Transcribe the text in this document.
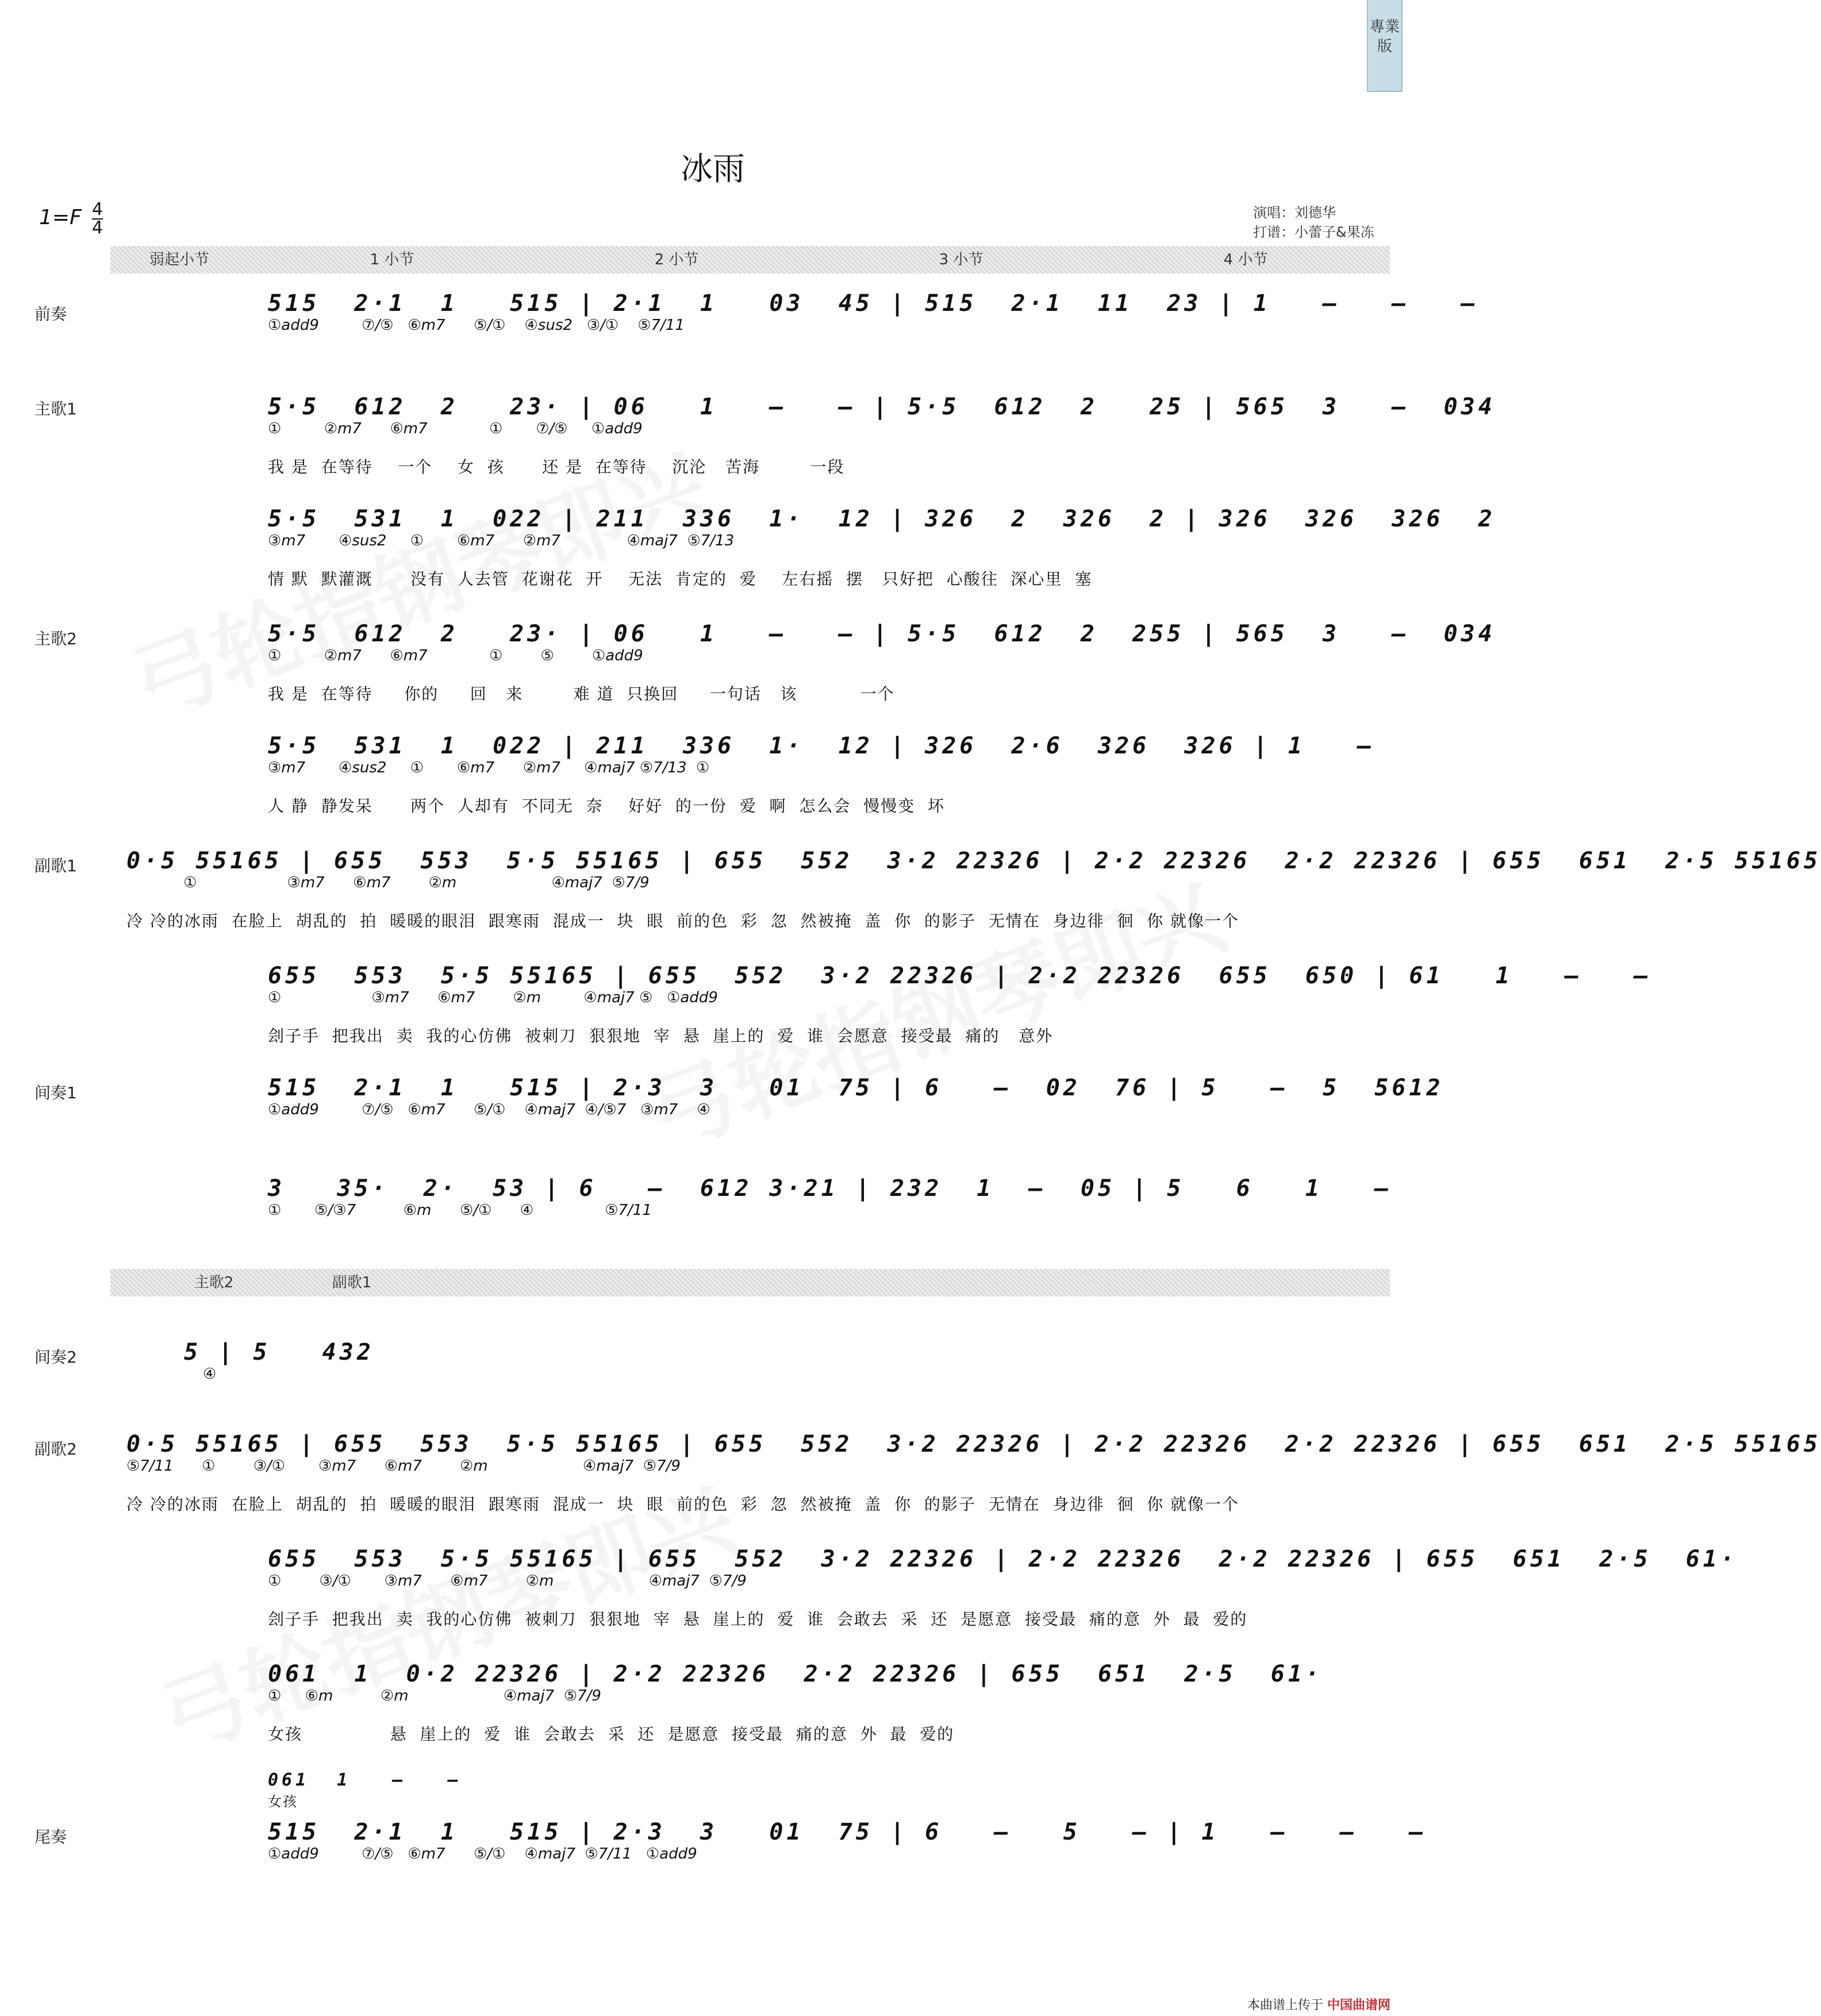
專業版
冰雨
1=F 4
4
演唱：刘德华
打谱：小蕾子&果冻
弱起小节	1 小节	2 小节	3 小节	4 小节
前奏	515  2·1  1   515 | 2·1  1   03  45 | 515  2·1  11  23 | 1   –   –   –
①add9         ⑦/⑤   ⑥m7      ⑤/①    ④sus2   ③/①    ⑤7/11
主歌1	5·5  612  2   23· | 06   1   –   – | 5·5  612  2   25 | 565  3   –  034
①         ②m7      ⑥m7             ①       ⑦/⑤     ①add9
我 是  在等待    一个    女  孩      还 是  在等待    沉沦   苦海        一段
5·5  531  1  022 | 211  336  1·  12 | 326  2  326  2 | 326  326  326  2
③m7       ④sus2     ①       ⑥m7      ②m7              ④maj7  ⑤7/13
情 默  默灌溉      没有  人去管  花谢花  开    无法  肯定的  爱    左右摇  摆   只好把  心酸往  深心里  塞
主歌2	5·5  612  2   23· | 06   1   –   – | 5·5  612  2  255 | 565  3   –  034
①         ②m7      ⑥m7             ①        ⑤        ①add9
我 是  在等待     你的     回   来        难 道  只换回     一句话   该          一个
5·5  531  1  022 | 211  336  1·  12 | 326  2·6  326  326 | 1   –
③m7       ④sus2     ①       ⑥m7      ②m7     ④maj7 ⑤7/13  ①
人 静  静发呆      两个  人却有  不同无  奈    好好  的一份  爱  啊  怎么会  慢慢变  坏
副歌1 0·5 55165 | 655  553  5·5 55165 | 655  552  3·2 22326 | 2·2 22326  2·2 22326 | 655  651  2·5 55165
①                   ③m7      ⑥m7        ②m                    ④maj7  ⑤7/9
冷 冷的冰雨  在脸上  胡乱的  拍  暖暖的眼泪  跟寒雨  混成一  块  眼  前的色  彩  忽  然被掩  盖  你  的影子  无情在  身边徘  徊  你 就像一个
655  553  5·5 55165 | 655  552  3·2 22326 | 2·2 22326  655  650 | 61   1   –   –
①                   ③m7      ⑥m7        ②m         ④maj7 ⑤   ①add9
刽子手  把我出  卖  我的心仿佛  被刺刀  狠狠地  宰  悬  崖上的  爱  谁  会愿意  接受最  痛的   意外
间奏1	515  2·1  1   515 | 2·3  3   01  75 | 6   –  02  76 | 5   –  5  5612
①add9         ⑦/⑤   ⑥m7      ⑤/①    ④maj7  ④/⑤7   ③m7    ④
3   35·  2·  53 | 6   –  612 3·21 | 232  1  –  05 | 5   6   1   –
①       ⑤/③7          ⑥m      ⑤/①      ④               ⑤7/11
主歌2	副歌1
间奏2	5 | 5   432
④
副歌2 0·5 55165 | 655  553  5·5 55165 | 655  552  3·2 22326 | 2·2 22326  2·2 22326 | 655  651  2·5 55165
⑤7/11      ①        ③/①       ③m7      ⑥m7        ②m                    ④maj7  ⑤7/9
冷 冷的冰雨  在脸上  胡乱的  拍  暖暖的眼泪  跟寒雨  混成一  块  眼  前的色  彩  忽  然被掩  盖  你  的影子  无情在  身边徘  徊  你 就像一个
655  553  5·5 55165 | 655  552  3·2 22326 | 2·2 22326  2·2 22326 | 655  651  2·5  61·
①        ③/①       ③m7      ⑥m7        ②m                    ④maj7  ⑤7/9
刽子手  把我出  卖  我的心仿佛  被刺刀  狠狠地  宰  悬  崖上的  爱  谁  会敢去  采  还  是愿意  接受最  痛的意  外  最  爱的
061  1  0·2 22326 | 2·2 22326  2·2 22326 | 655  651  2·5  61·
①     ⑥m          ②m                    ④maj7  ⑤7/9
女孩              悬  崖上的  爱  谁  会敢去  采  还  是愿意  接受最  痛的意  外  最  爱的
061  1   –   –
女孩
尾奏	515  2·1  1   515 | 2·3  3   01  75 | 6   –   5   – | 1   –   –   –
①add9         ⑦/⑤   ⑥m7      ⑤/①    ④maj7  ⑤7/11   ①add9
本曲谱上传于 中国曲谱网
